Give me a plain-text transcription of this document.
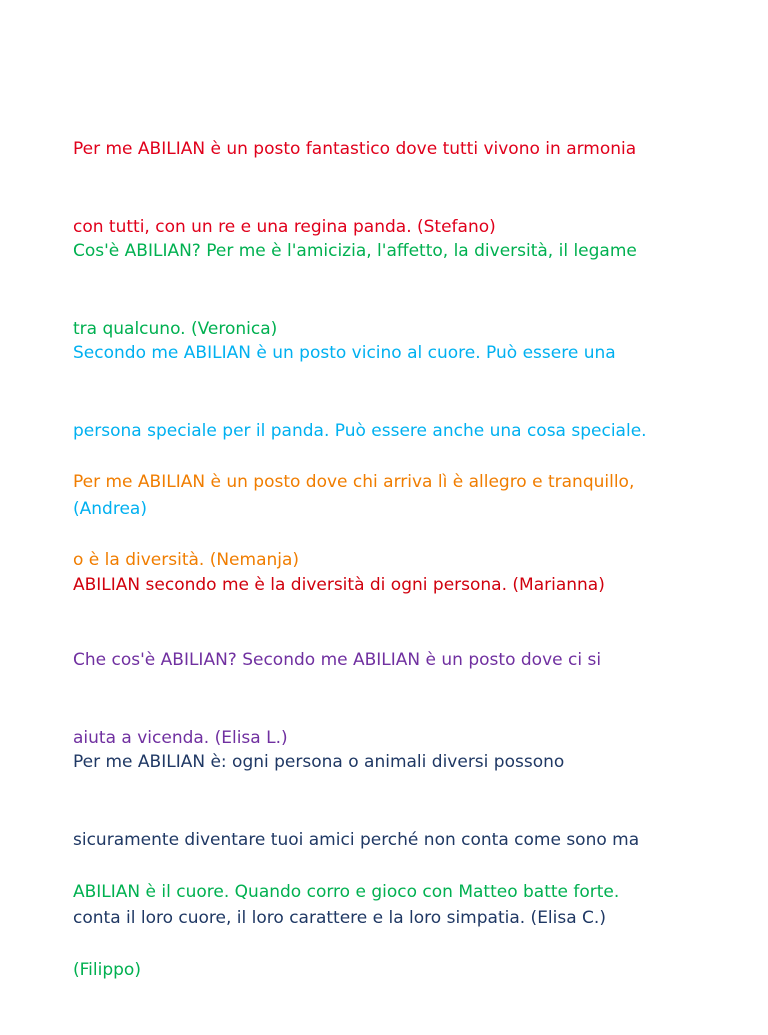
Per me ABILIAN è un posto fantastico dove tutti vivono in armonia

con tutti, con un re e una regina panda. (Stefano)

Cos'è ABILIAN? Per me è l'amicizia, l'affetto, la diversità, il legame

tra qualcuno. (Veronica)

Secondo me ABILIAN è un posto vicino al cuore. Può essere una

persona speciale per il panda. Può essere anche una cosa speciale.

(Andrea)

Per me ABILIAN è un posto dove chi arriva lì è allegro e tranquillo,

o è la diversità. (Nemanja)

ABILIAN secondo me è la diversità di ogni persona. (Marianna)

Che cos'è ABILIAN? Secondo me ABILIAN è un posto dove ci si

aiuta a vicenda. (Elisa L.)

Per me ABILIAN è: ogni persona o animali diversi possono

sicuramente diventare tuoi amici perché non conta come sono ma

conta il loro cuore, il loro carattere e la loro simpatia. (Elisa C.)

ABILIAN è il cuore. Quando corro e gioco con Matteo batte forte.

(Filippo)
